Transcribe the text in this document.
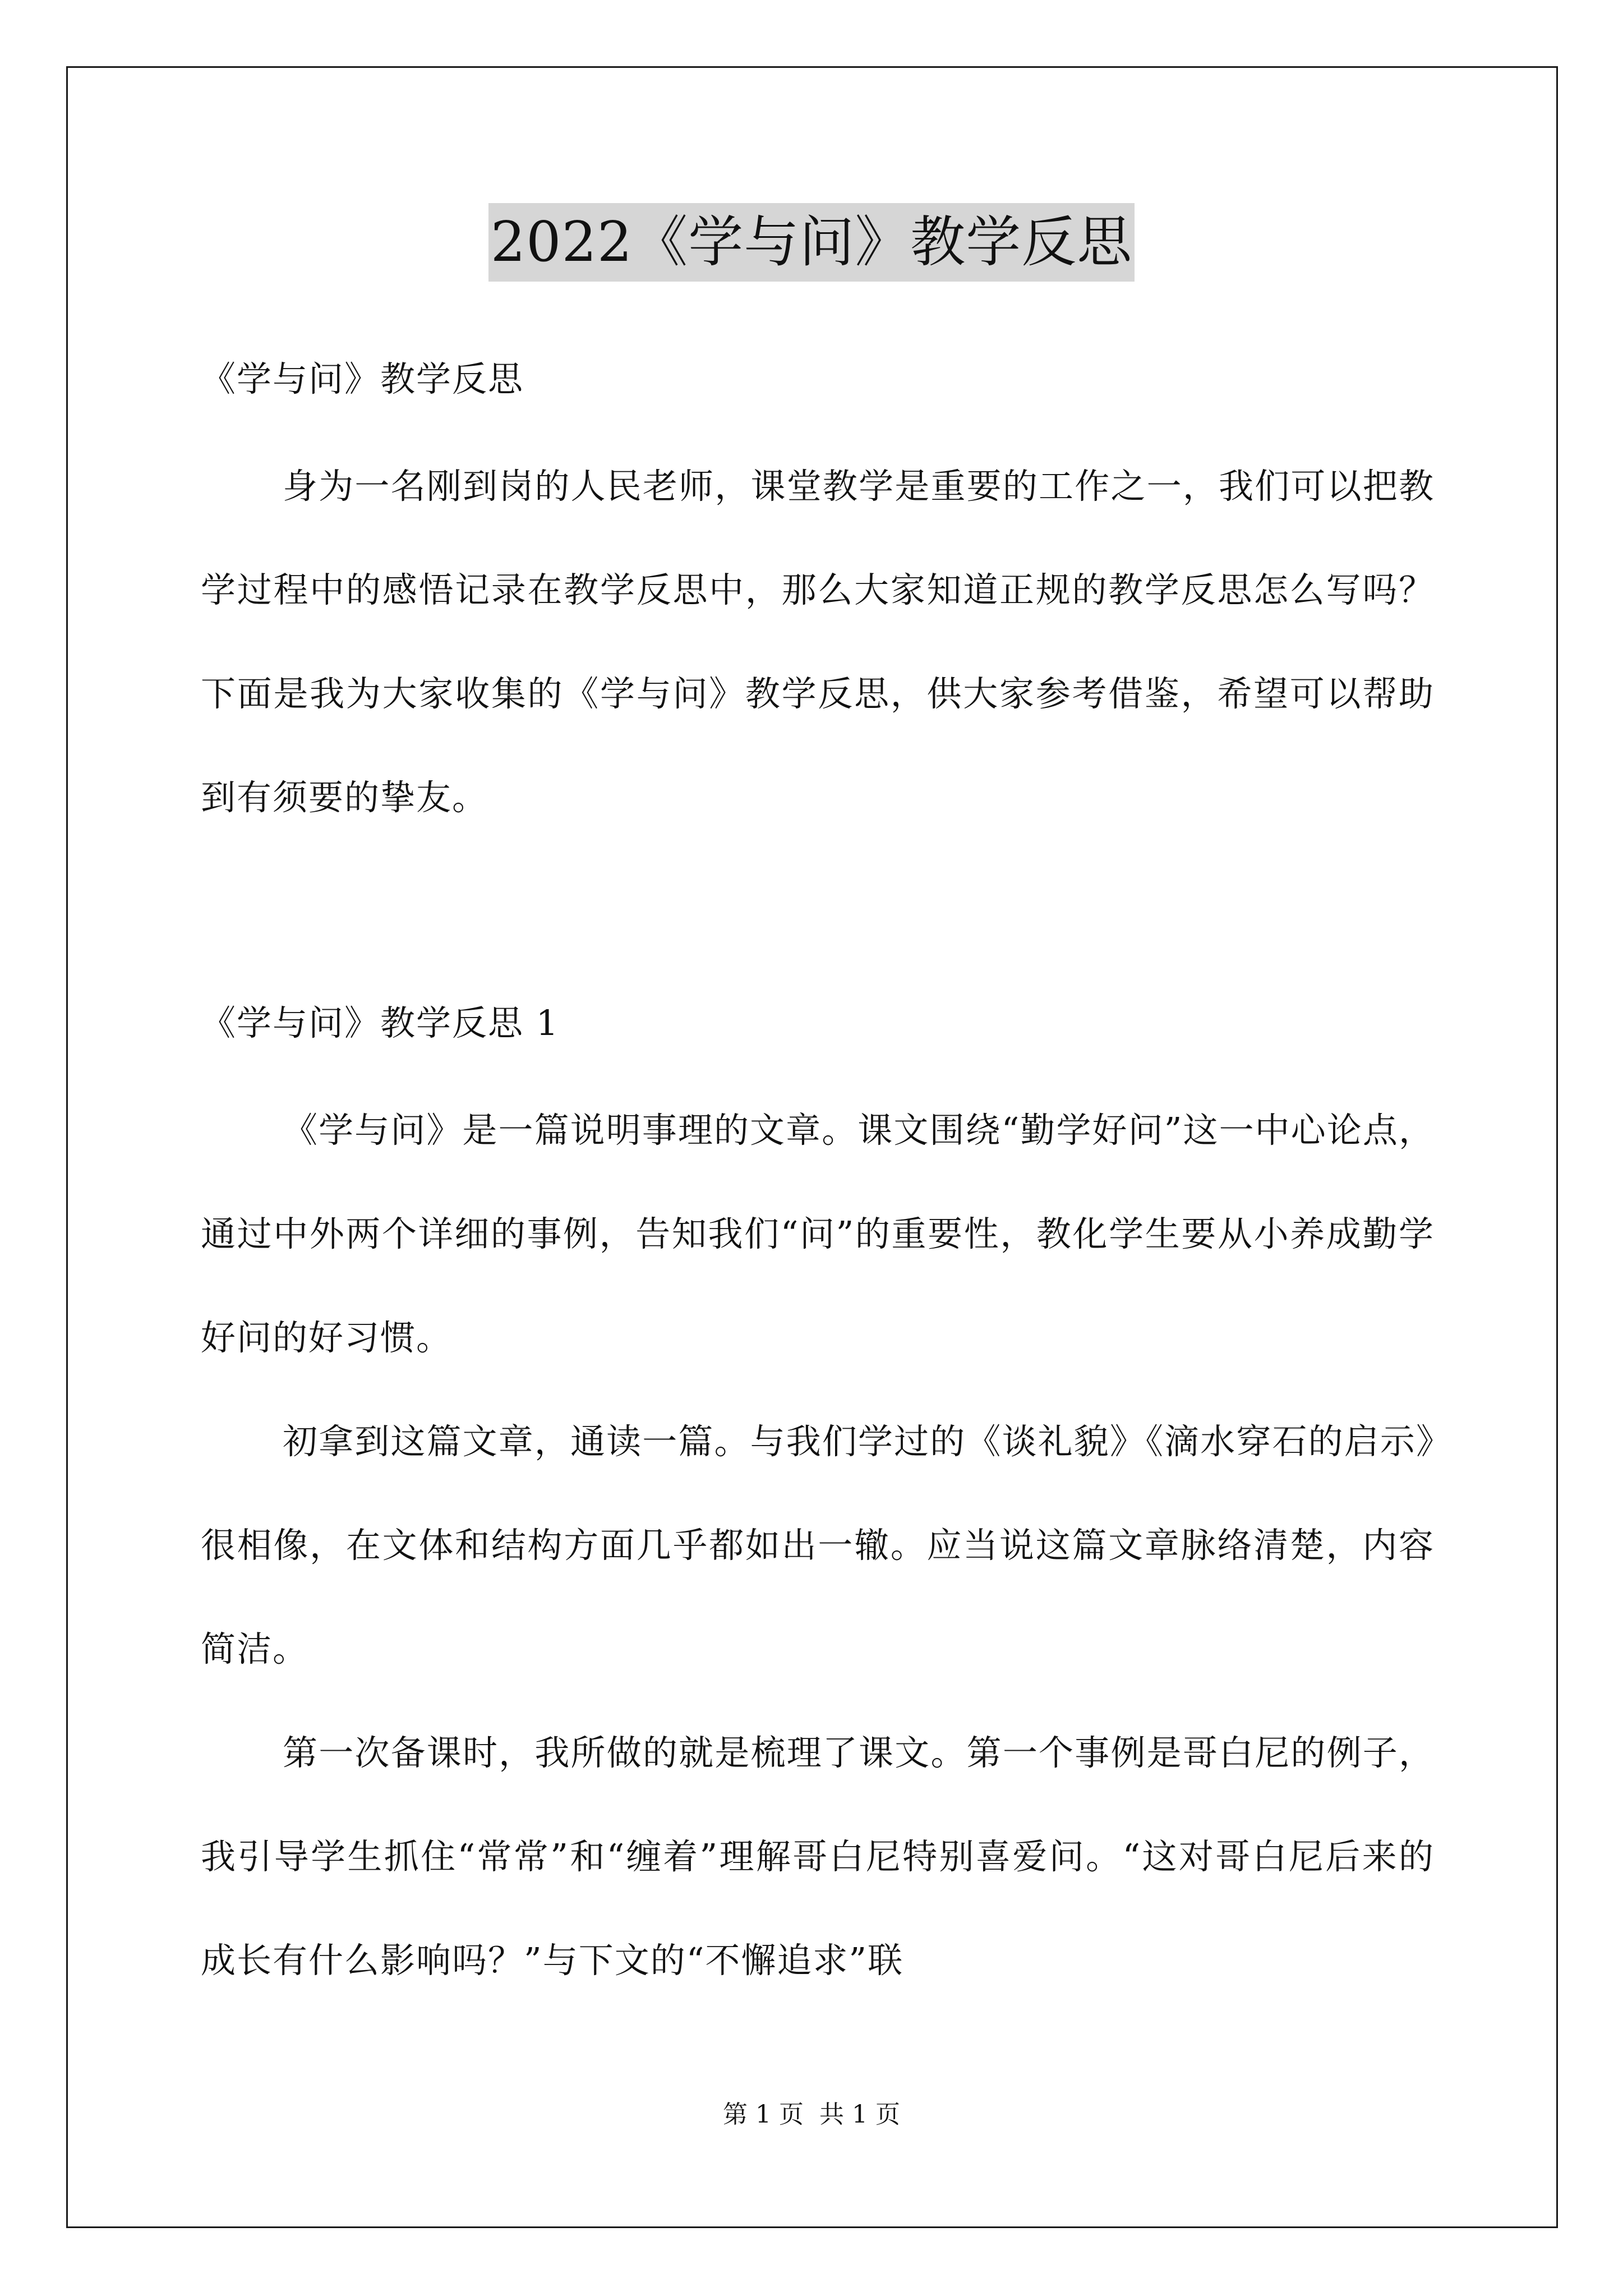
2022《学与问》教学反思
《学与问》教学反思

身为一名刚到岗的人民老师，课堂教学是重要的工作之一，我们可以把教学过程中的感悟记录在教学反思中，那么大家知道正规的教学反思怎么写吗？下面是我为大家收集的《学与问》教学反思，供大家参考借鉴，希望可以帮助到有须要的挚友。

《学与问》教学反思 1

《学与问》是一篇说明事理的文章。课文围绕“勤学好问”这一中心论点，通过中外两个详细的事例，告知我们“问”的重要性，教化学生要从小养成勤学好问的好习惯。

初拿到这篇文章，通读一篇。与我们学过的《谈礼貌》《滴水穿石的启示》很相像，在文体和结构方面几乎都如出一辙。应当说这篇文章脉络清楚，内容简洁。

第一次备课时，我所做的就是梳理了课文。第一个事例是哥白尼的例子，我引导学生抓住“常常”和“缠着”理解哥白尼特别喜爱问。“这对哥白尼后来的成长有什么影响吗？”与下文的“不懈追求”联

第 1 页 共 1 页
